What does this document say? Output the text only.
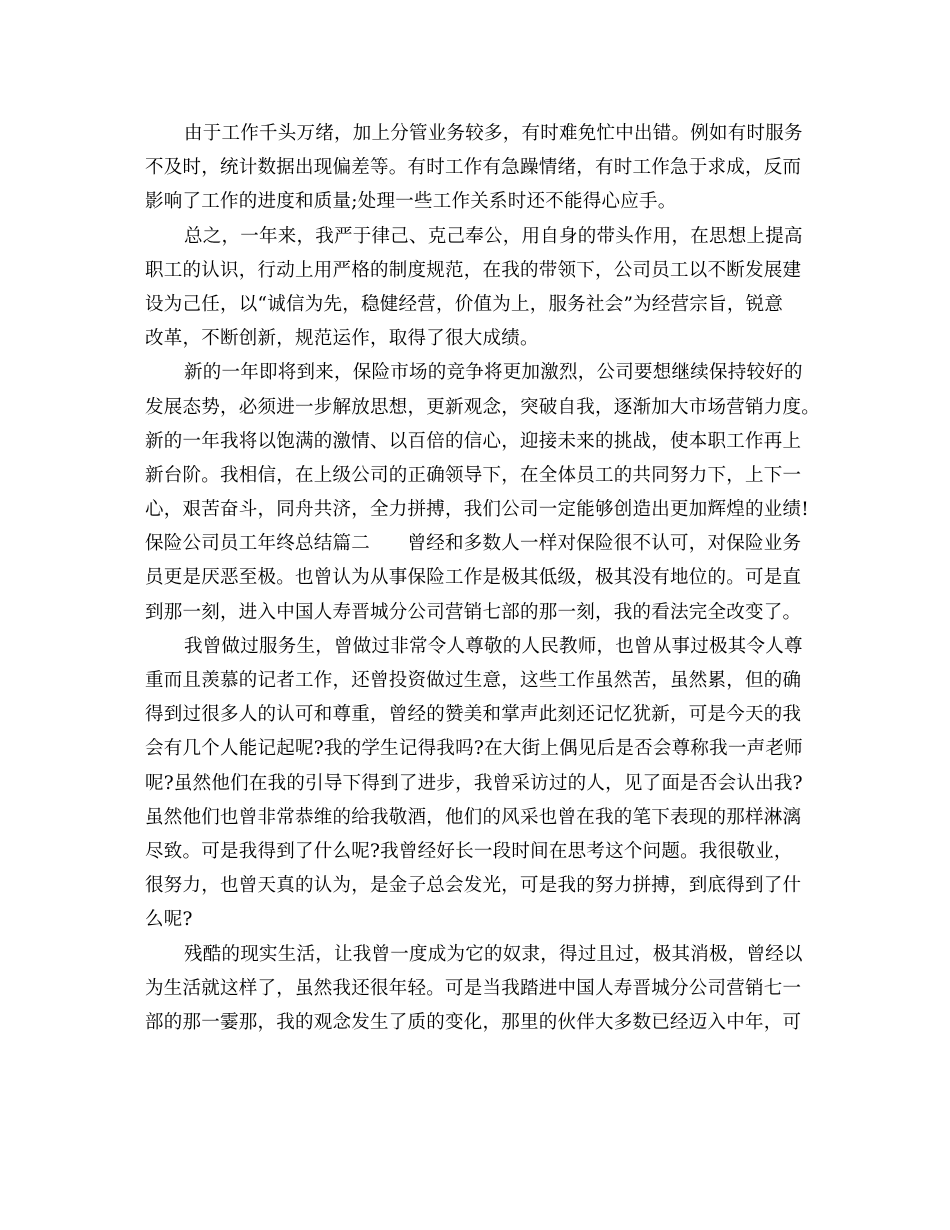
由于工作千头万绪，加上分管业务较多，有时难免忙中出错。例如有时服务
不及时，统计数据出现偏差等。有时工作有急躁情绪，有时工作急于求成，反而
影响了工作的进度和质量;处理一些工作关系时还不能得心应手。
总之，一年来，我严于律己、克己奉公，用自身的带头作用，在思想上提高
职工的认识，行动上用严格的制度规范，在我的带领下，公司员工以不断发展建
设为己任，以“诚信为先，稳健经营，价值为上，服务社会”为经营宗旨，锐意
改革，不断创新，规范运作，取得了很大成绩。
新的一年即将到来，保险市场的竞争将更加激烈，公司要想继续保持较好的
发展态势，必须进一步解放思想，更新观念，突破自我，逐渐加大市场营销力度。
新的一年我将以饱满的激情、以百倍的信心，迎接未来的挑战，使本职工作再上
新台阶。我相信，在上级公司的正确领导下，在全体员工的共同努力下，上下一
心，艰苦奋斗，同舟共济，全力拼搏，我们公司一定能够创造出更加辉煌的业绩!
保险公司员工年终总结篇二　　曾经和多数人一样对保险很不认可，对保险业务
员更是厌恶至极。也曾认为从事保险工作是极其低级，极其没有地位的。可是直
到那一刻，进入中国人寿晋城分公司营销七部的那一刻，我的看法完全改变了。
我曾做过服务生，曾做过非常令人尊敬的人民教师，也曾从事过极其令人尊
重而且羡慕的记者工作，还曾投资做过生意，这些工作虽然苦，虽然累，但的确
得到过很多人的认可和尊重，曾经的赞美和掌声此刻还记忆犹新，可是今天的我
会有几个人能记起呢?我的学生记得我吗?在大街上偶见后是否会尊称我一声老师
呢?虽然他们在我的引导下得到了进步，我曾采访过的人，见了面是否会认出我?
虽然他们也曾非常恭维的给我敬酒，他们的风采也曾在我的笔下表现的那样淋漓
尽致。可是我得到了什么呢?我曾经好长一段时间在思考这个问题。我很敬业，
很努力，也曾天真的认为，是金子总会发光，可是我的努力拼搏，到底得到了什
么呢?
残酷的现实生活，让我曾一度成为它的奴隶，得过且过，极其消极，曾经以
为生活就这样了，虽然我还很年轻。可是当我踏进中国人寿晋城分公司营销七一
部的那一霎那，我的观念发生了质的变化，那里的伙伴大多数已经迈入中年，可
